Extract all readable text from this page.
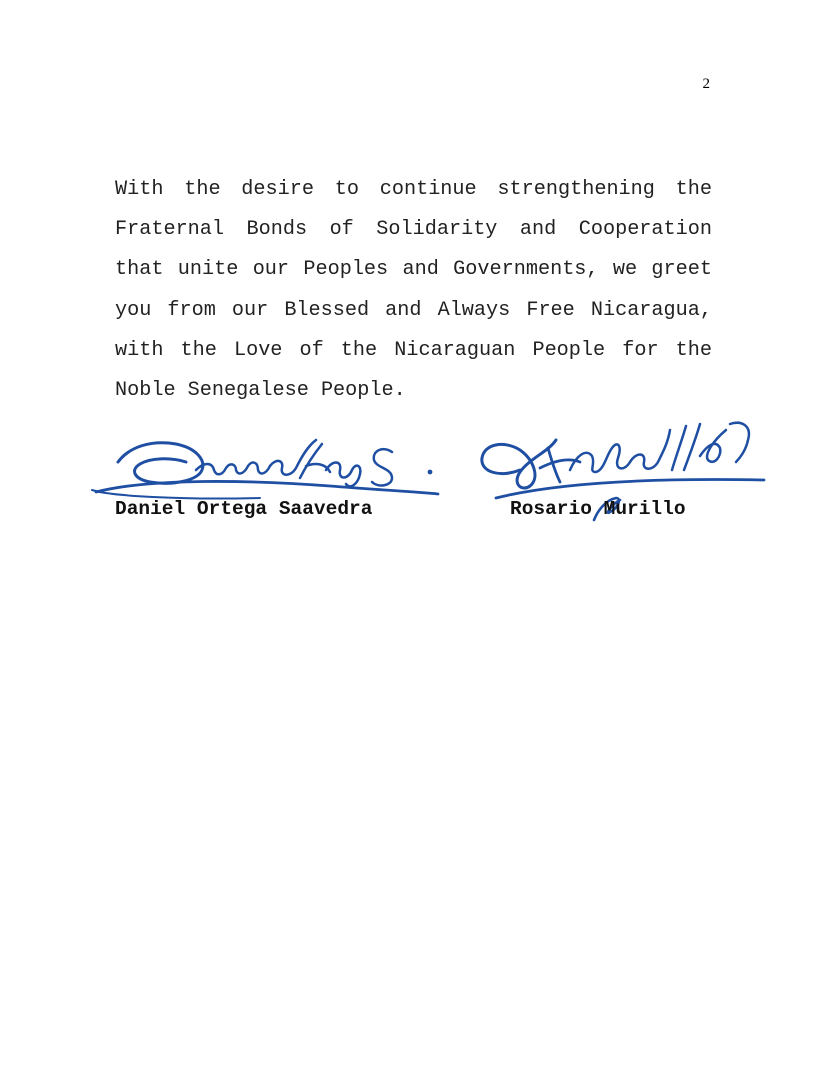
2

With the desire to continue strengthening the Fraternal Bonds of Solidarity and Cooperation that unite our Peoples and Governments, we greet you from our Blessed and Always Free Nicaragua, with the Love of the Nicaraguan People for the Noble Senegalese People.

Daniel Ortega Saavedra	Rosario Murillo
